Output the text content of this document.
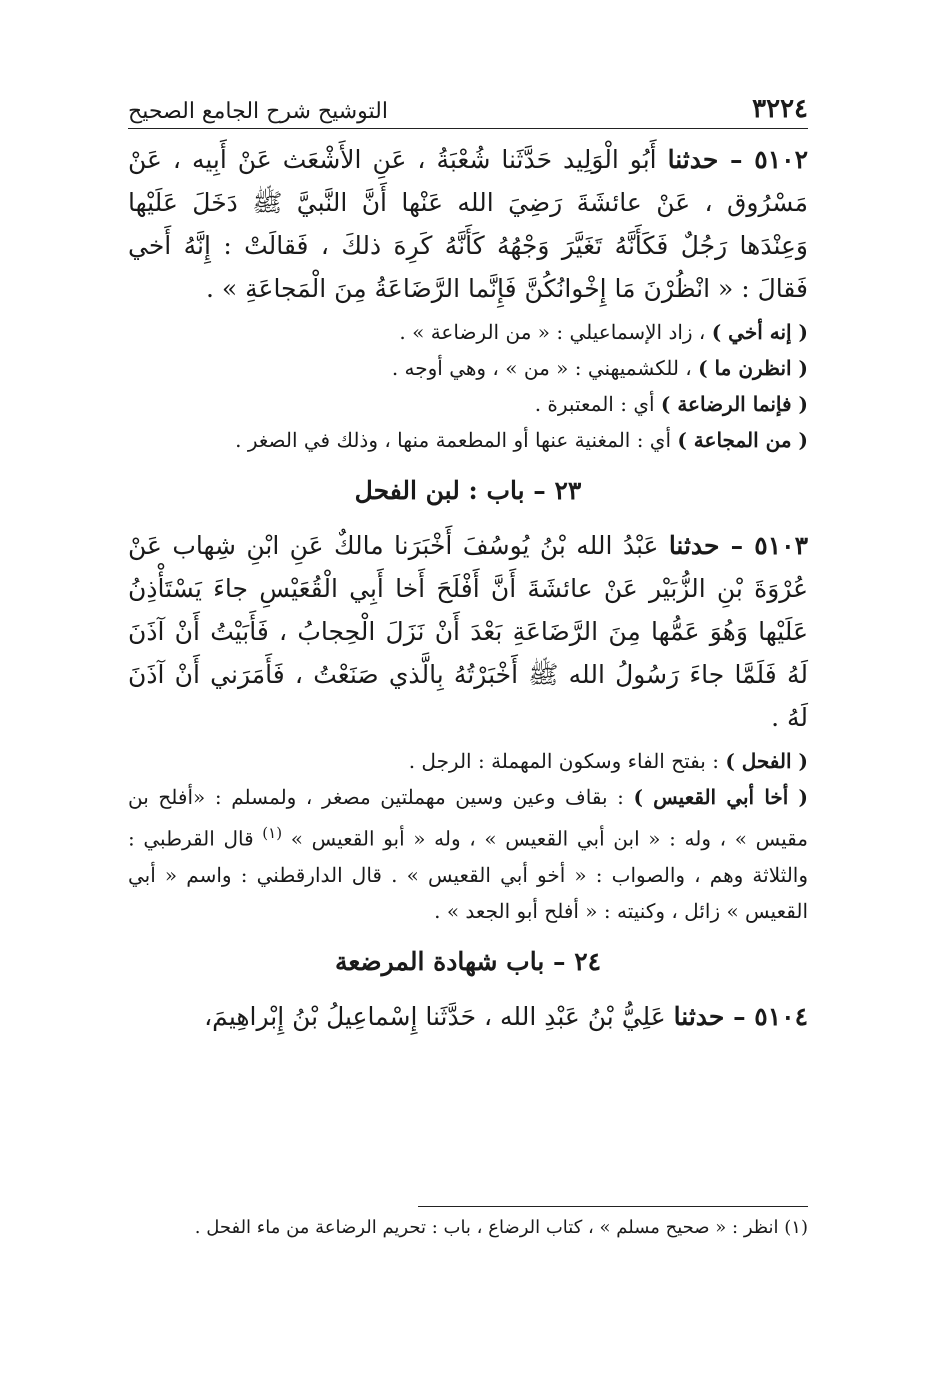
٣٢٢٤
التوشيح شرح الجامع الصحيح

٥١٠٢ – حدثنا أَبُو الْوَلِيد حَدَّثَنا شُعْبَةُ ، عَنِ الأَشْعَث عَنْ أَبِيه ، عَنْ مَسْرُوق ، عَنْ عائشَةَ رَضِيَ الله عَنْها أَنَّ النَّبيَّ ﷺ دَخَلَ عَلَيْها وَعِنْدَها رَجُلٌ فَكَأَنَّهُ تَغَيَّرَ وَجْهُهُ كَأَنَّهُ كَرِهَ ذلكَ ، فَقالَتْ : إِنَّهُ أَخي فَقالَ : « انْظُرْنَ مَا إِخْوانُكُنَّ فَإِنَّما الرَّضَاعَةُ مِنَ الْمَجاعَةِ » .

( إنه أخي ) ، زاد الإسماعيلي : « من الرضاعة » .

( انظرن ما ) ، للكشميهني : « من » ، وهي أوجه .

( فإنما الرضاعة ) أي : المعتبرة .

( من المجاعة ) أي : المغنية عنها أو المطعمة منها ، وذلك في الصغر .

٢٣ – باب : لبن الفحل

٥١٠٣ – حدثنا عَبْدُ الله بْنُ يُوسُفَ أَخْبَرَنا مالكٌ عَنِ ابْنِ شِهاب عَنْ عُرْوَةَ بْنِ الزُّبَيْر عَنْ عائشَةَ أَنَّ أَفْلَحَ أَخا أَبِي الْقُعَيْسِ جاءَ يَسْتَأْذِنُ عَلَيْها وَهُوَ عَمُّها مِنَ الرَّضَاعَةِ بَعْدَ أَنْ نَزَلَ الْحِجابُ ، فَأَبَيْتُ أَنْ آذَنَ لَهُ فَلَمَّا جاءَ رَسُولُ الله ﷺ أَخْبَرْتُهُ بِالَّذي صَنَعْتُ ، فَأَمَرَني أَنْ آذَنَ لَهُ .

( الفحل ) : بفتح الفاء وسكون المهملة : الرجل .

( أخا أبي القعيس ) : بقاف وعين وسين مهملتين مصغر ، ولمسلم : «أفلح بن مقيس » ، وله : « ابن أبي القعيس » ، وله « أبو القعيس » $^{(١)}$ قال القرطبي : والثلاثة وهم ، والصواب : « أخو أبي القعيس » . قال الدارقطني : واسم « أبي القعيس » زائل ، وكنيته : « أفلح أبو الجعد » .

٢٤ – باب شهادة المرضعة

٥١٠٤ – حدثنا عَلِيُّ بْنُ عَبْدِ الله ، حَدَّثَنا إِسْماعِيلُ بْنُ إِبْراهِيمَ،

(١) انظر : « صحيح مسلم » ، كتاب الرضاع ، باب : تحريم الرضاعة من ماء الفحل .
